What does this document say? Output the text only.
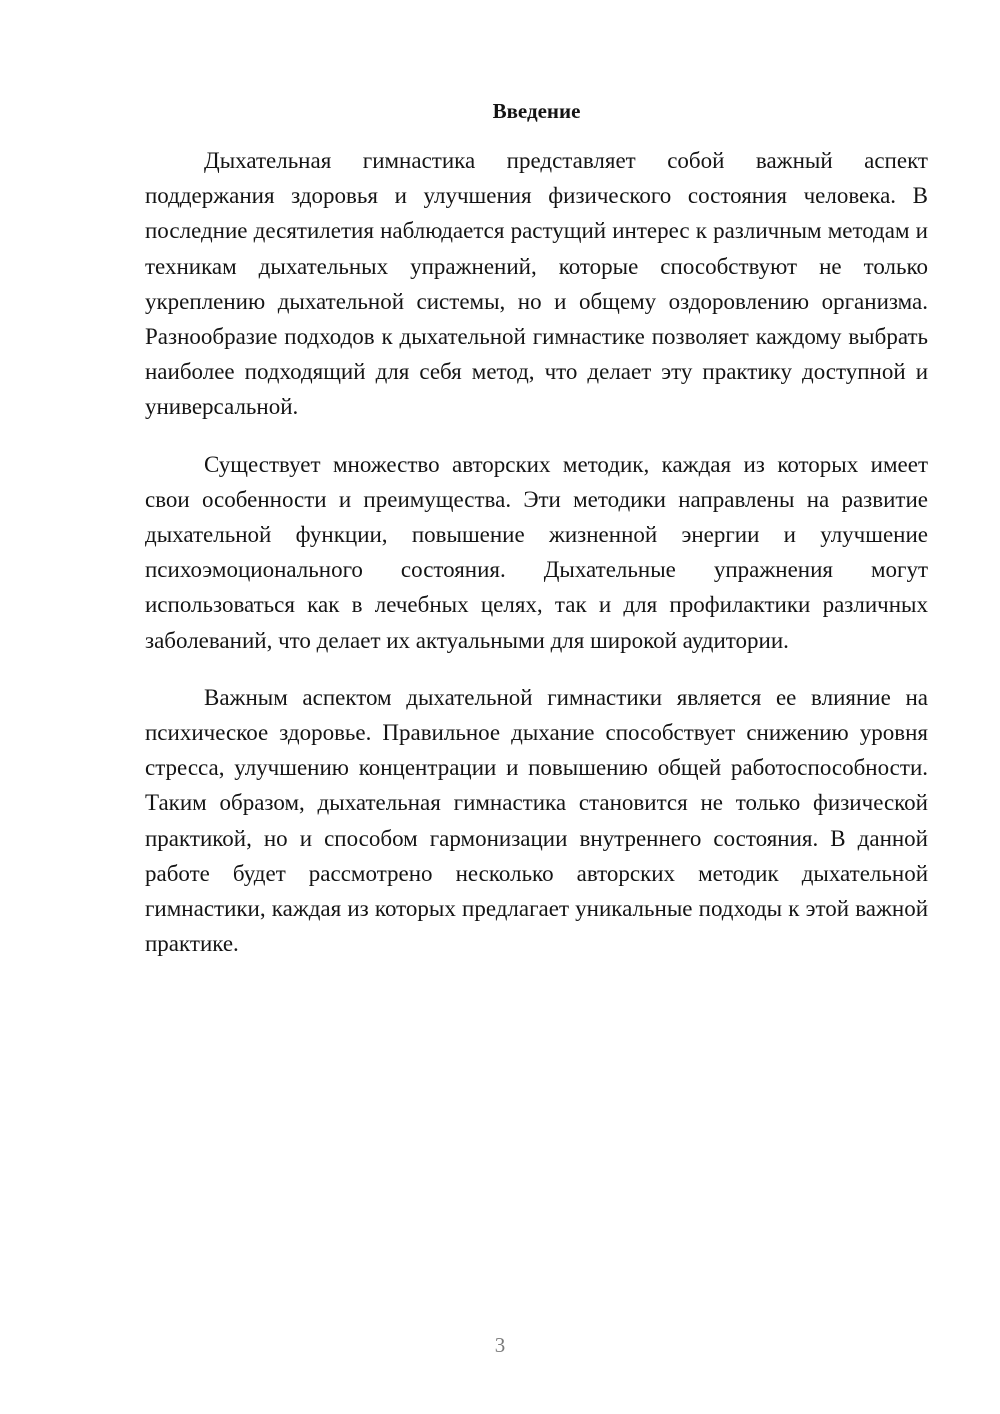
Введение

Дыхательная гимнастика представляет собой важный аспект поддержания здоровья и улучшения физического состояния человека. В последние десятилетия наблюдается растущий интерес к различным методам и техникам дыхательных упражнений, которые способствуют не только укреплению дыхательной системы, но и общему оздоровлению организма. Разнообразие подходов к дыхательной гимнастике позволяет каждому выбрать наиболее подходящий для себя метод, что делает эту практику доступной и универсальной.

Существует множество авторских методик, каждая из которых имеет свои особенности и преимущества. Эти методики направлены на развитие дыхательной функции, повышение жизненной энергии и улучшение психоэмоционального состояния. Дыхательные упражнения могут использоваться как в лечебных целях, так и для профилактики различных заболеваний, что делает их актуальными для широкой аудитории.

Важным аспектом дыхательной гимнастики является ее влияние на психическое здоровье. Правильное дыхание способствует снижению уровня стресса, улучшению концентрации и повышению общей работоспособности. Таким образом, дыхательная гимнастика становится не только физической практикой, но и способом гармонизации внутреннего состояния. В данной работе будет рассмотрено несколько авторских методик дыхательной гимнастики, каждая из которых предлагает уникальные подходы к этой важной практике.

3
